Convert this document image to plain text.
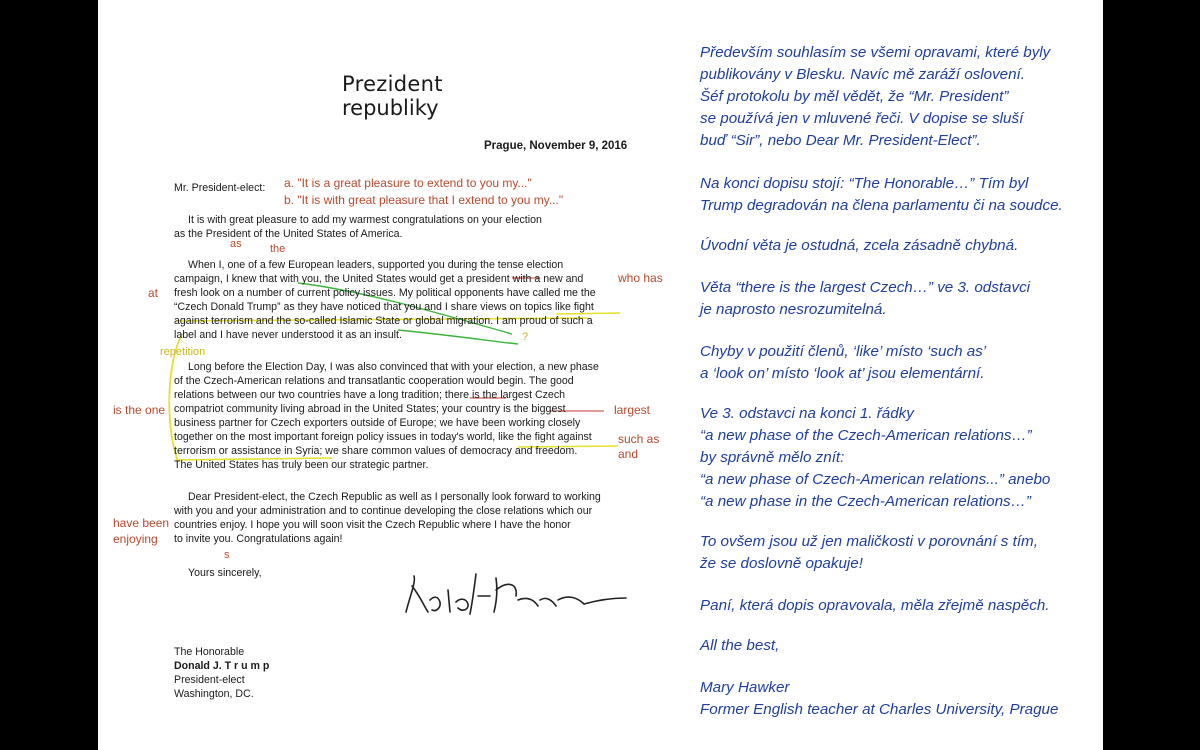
Prezident
republiky
Prague, November 9, 2016
Mr. President-elect:
It is with great pleasure to add my warmest congratulations on your election
as the President of the United States of America.
When I, one of a few European leaders, supported you during the tense election
campaign, I knew that with you, the United States would get a president with a new and
fresh look on a number of current policy issues. My political opponents have called me the
“Czech Donald Trump” as they have noticed that you and I share views on topics like fight
against terrorism and the so-called Islamic State or global migration. I am proud of such a
label and I have never understood it as an insult.
Long before the Election Day, I was also convinced that with your election, a new phase
of the Czech-American relations and transatlantic cooperation would begin. The good
relations between our two countries have a long tradition; there is the largest Czech
compatriot community living abroad in the United States; your country is the biggest
business partner for Czech exporters outside of Europe; we have been working closely
together on the most important foreign policy issues in today's world, like the fight against
terrorism or assistance in Syria; we share common values of democracy and freedom.
The United States has truly been our strategic partner.
Dear President-elect, the Czech Republic as well as I personally look forward to working
with you and your administration and to continue developing the close relations which our
countries enjoy. I hope you will soon visit the Czech Republic where I have the honor
to invite you. Congratulations again!
Yours sincerely,
The Honorable
Donald J. T r u m p
President-elect
Washington, DC.
a. "It is a great pleasure to extend to you my..."
b. "It is with great pleasure that I extend to you my..."
as	the
who has
at
repetition
?
is the one	largest
such as
and
have been
enjoying
s
Především souhlasím se všemi opravami, které byly
publikovány v Blesku. Navíc mě zaráží oslovení.
Šéf protokolu by měl vědět, že “Mr. President”
se používá jen v mluvené řeči. V dopise se sluší
buď “Sir”, nebo Dear Mr. President-Elect”.
Na konci dopisu stojí: “The Honorable…” Tím byl
Trump degradován na člena parlamentu či na soudce.
Úvodní věta je ostudná, zcela zásadně chybná.
Věta “there is the largest Czech…” ve 3. odstavci
je naprosto nesrozumitelná.
Chyby v použití členů, ‘like’ místo ‘such as’
a ‘look on’ místo ‘look at’ jsou elementární.
Ve 3. odstavci na konci 1. řádky
“a new phase of the Czech-American relations…”
by správně mělo znít:
“a new phase of Czech-American relations...” anebo
“a new phase in the Czech-American relations…”
To ovšem jsou už jen maličkosti v porovnání s tím,
že se doslovně opakuje!
Paní, která dopis opravovala, měla zřejmě naspěch.
All the best,
Mary Hawker
Former English teacher at Charles University, Prague
